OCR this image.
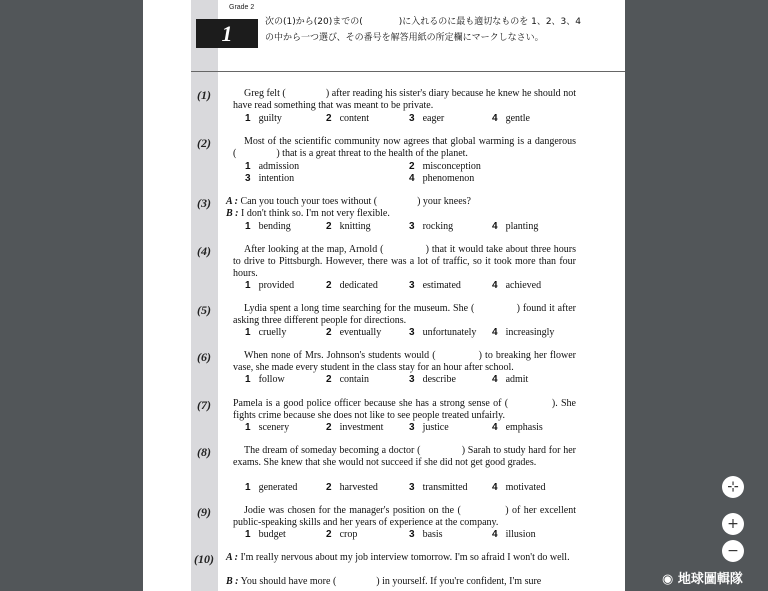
Grade 2
1	次の(1)から(20)までの(　　　　)に入れるのに最も適切なものを 1、2、3、4 の中から一つ選び、その番号を解答用紙の所定欄にマークしなさい。
(1)	Greg felt (　　　　) after reading his sister's diary because he knew he should not have read something that was meant to be private.
1 guilty	2 content	3 eager	4 gentle
(2)	Most of the scientific community now agrees that global warming is a dangerous (　　　　) that is a great threat to the health of the planet.
1 admission	2 misconception
3 intention	4 phenomenon
(3) A : Can you touch your toes without (　　　　) your knees?
B : I don't think so. I'm not very flexible.
1 bending	2 knitting	3 rocking	4 planting
(4)	After looking at the map, Arnold (　　　　) that it would take about three hours to drive to Pittsburgh. However, there was a lot of traffic, so it took more than four hours.
1 provided	2 dedicated	3 estimated	4 achieved
(5)	Lydia spent a long time searching for the museum. She (　　　　) found it after asking three different people for directions.
1 cruelly	2 eventually	3 unfortunately 4 increasingly
(6)	When none of Mrs. Johnson's students would (　　　　) to breaking her flower vase, she made every student in the class stay for an hour after school.
1 follow	2 contain	3 describe	4 admit
(7) Pamela is a good police officer because she has a strong sense of (　　　　). She fights crime because she does not like to see people treated unfairly.
1 scenery	2 investment	3 justice	4 emphasis
(8)	The dream of someday becoming a doctor (　　　　) Sarah to study hard for her exams. She knew that she would not succeed if she did not get good grades.
1 generated	2 harvested	3 transmitted 4 motivated
(9)	Jodie was chosen for the manager's position on the (　　　　) of her excellent public-speaking skills and her years of experience at the company.
1 budget	2 crop	3 basis	4 illusion
(10) A : I'm really nervous about my job interview tomorrow. I'm so afraid I won't do well.
B : You should have more (　　　　) in yourself. If you're confident, I'm sure
⊹
+
−
◉ 地球圖輯隊
